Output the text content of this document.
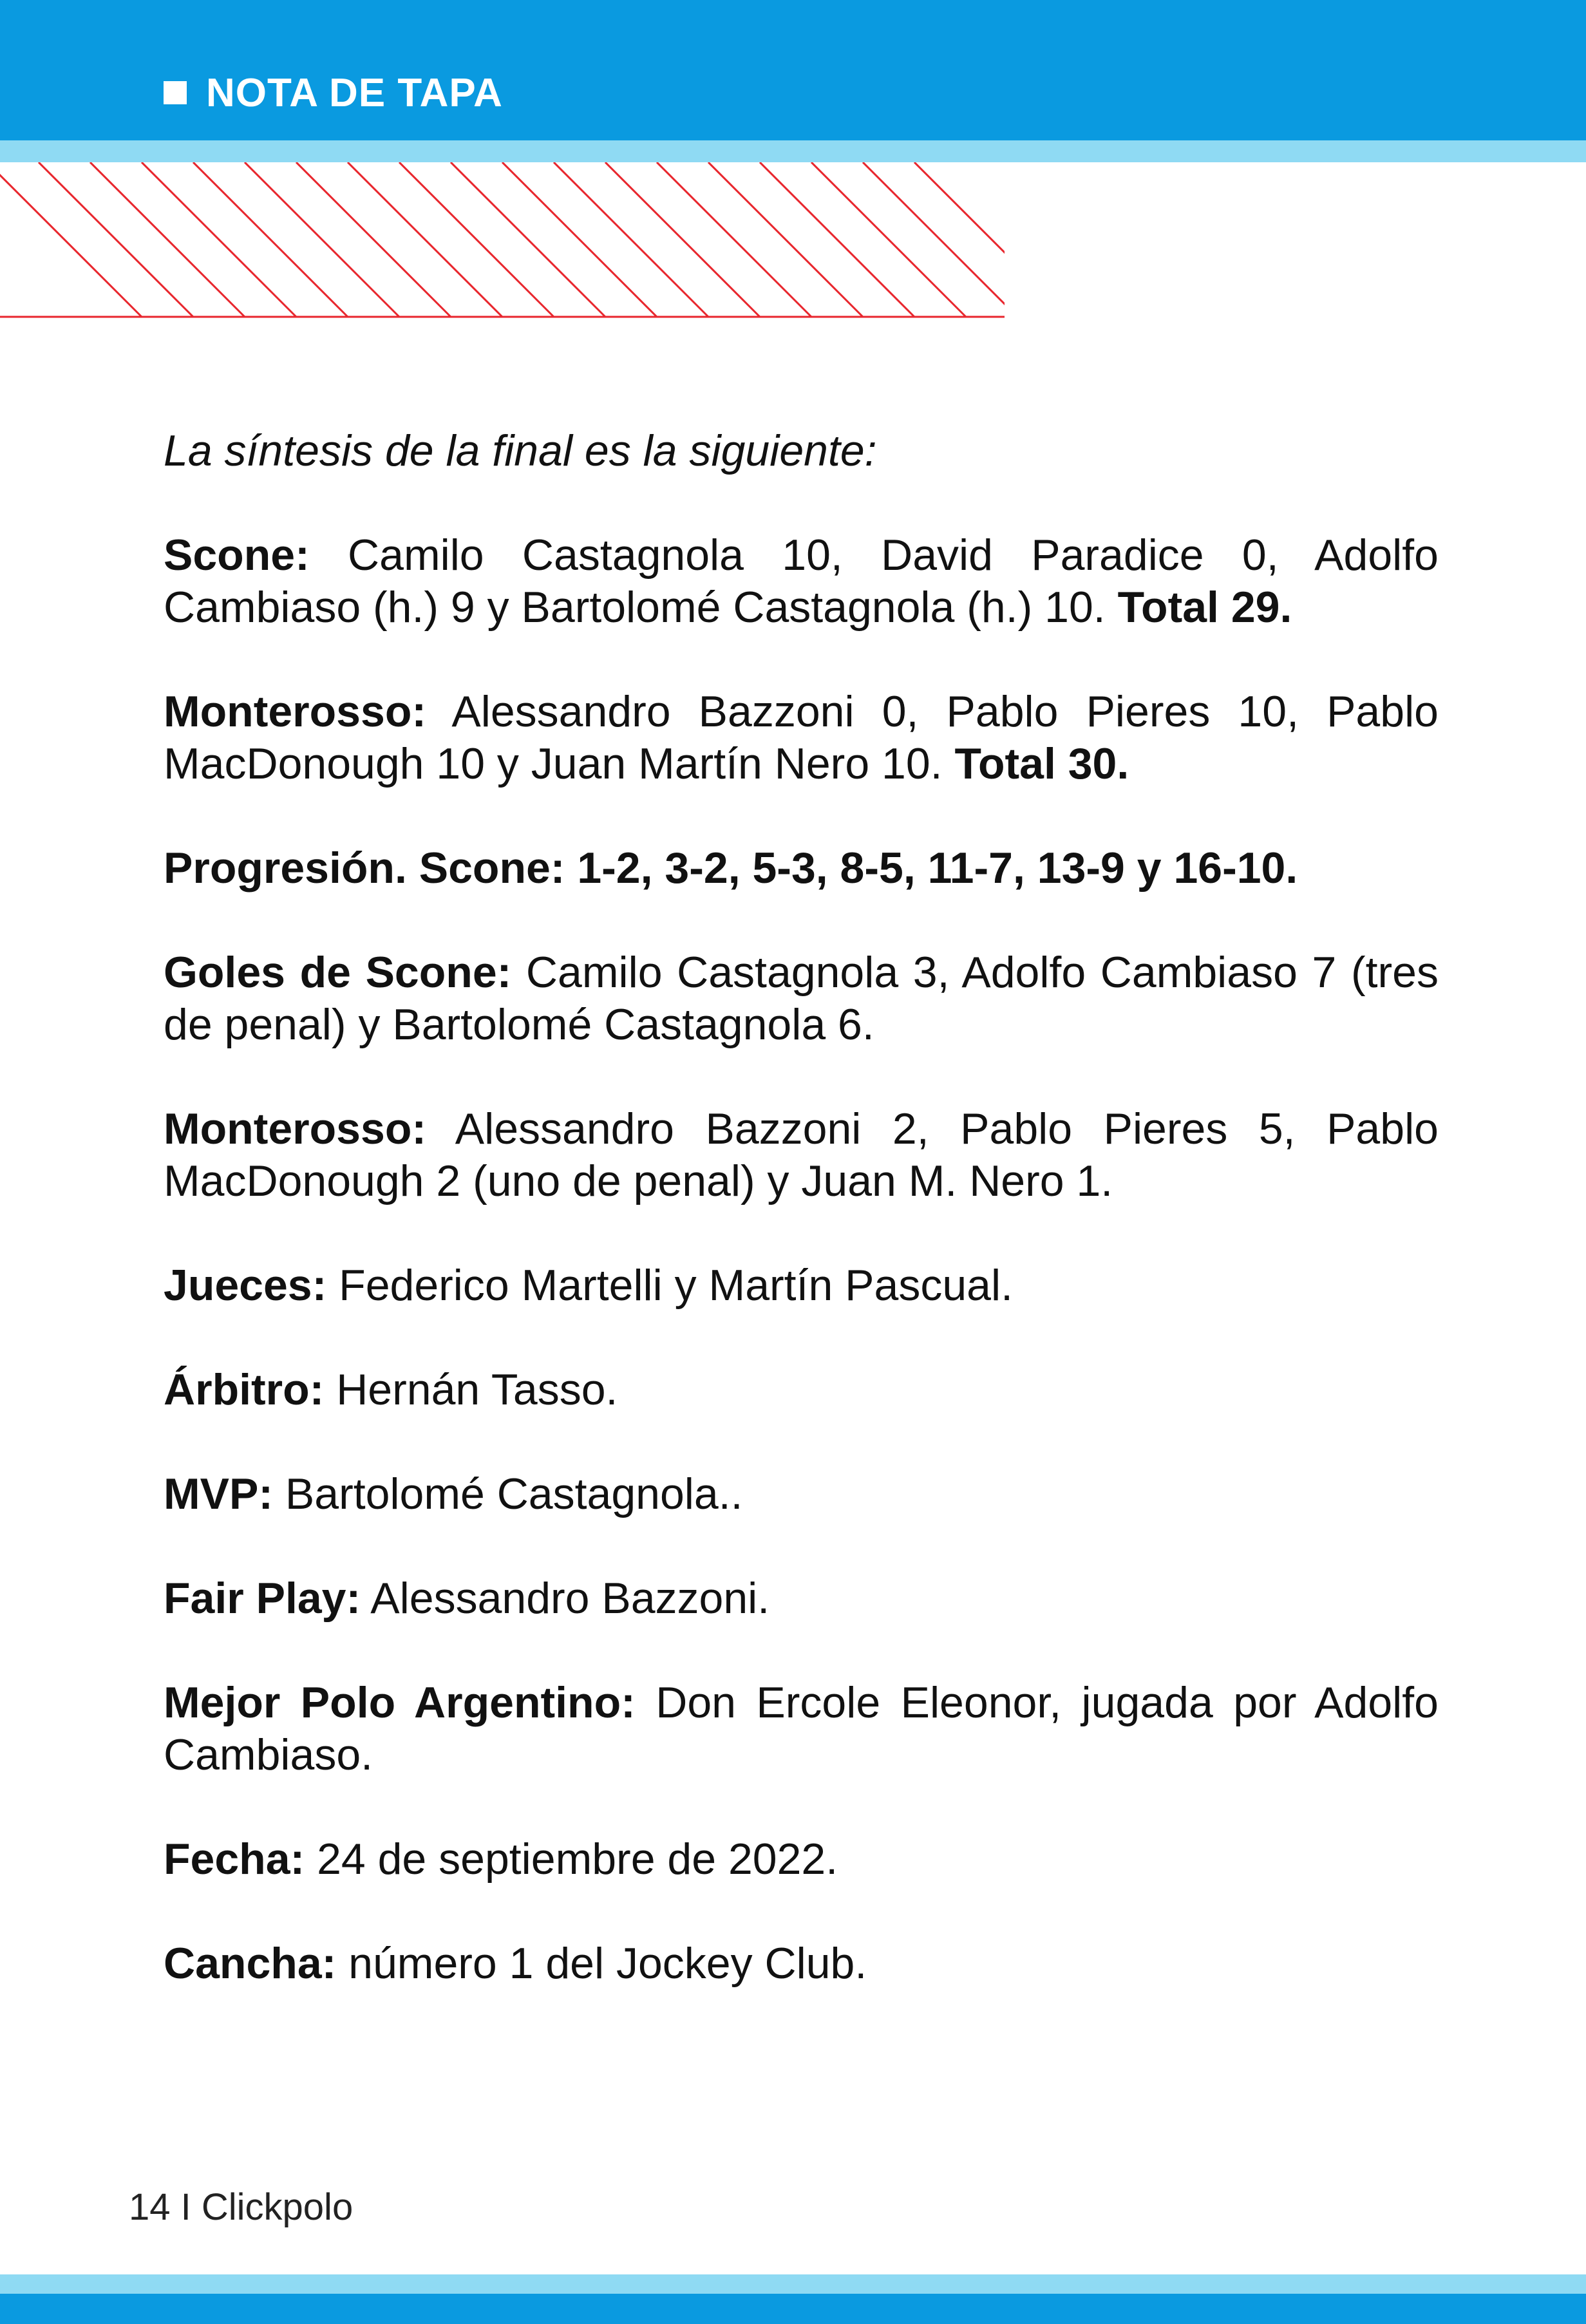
NOTA DE TAPA

La síntesis de la final es la siguiente:

Scone: Camilo Castagnola 10, David Paradice 0, Adolfo Cambiaso (h.) 9 y Bartolomé Castagnola (h.) 10. Total 29.

Monterosso: Alessandro Bazzoni 0, Pablo Pieres 10, Pablo MacDonough 10 y Juan Martín Nero 10. Total 30.

Progresión. Scone: 1-2, 3-2, 5-3, 8-5, 11-7, 13-9 y 16-10.

Goles de Scone: Camilo Castagnola 3, Adolfo Cambiaso 7 (tres de penal) y Bartolomé Castagnola 6.

Monterosso: Alessandro Bazzoni 2, Pablo Pieres 5, Pablo MacDonough 2 (uno de penal) y Juan M. Nero 1.

Jueces: Federico Martelli y Martín Pascual.

Árbitro: Hernán Tasso.

MVP: Bartolomé Castagnola..

Fair Play: Alessandro Bazzoni.

Mejor Polo Argentino: Don Ercole Eleonor, jugada por Adolfo Cambiaso.

Fecha: 24 de septiembre de 2022.

Cancha: número 1 del Jockey Club.

14 I Clickpolo
